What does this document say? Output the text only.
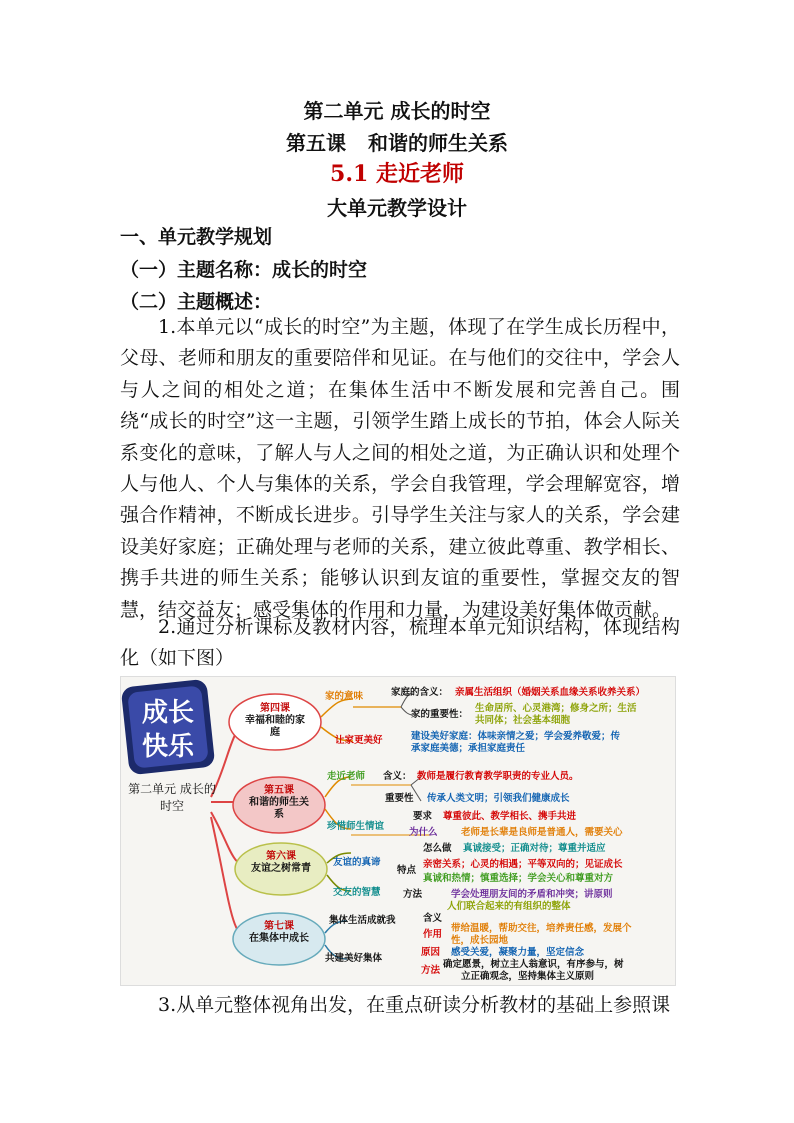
第二单元 成长的时空
第五课 和谐的师生关系
5.1 走近老师
大单元教学设计
一、单元教学规划
（一）主题名称：成长的时空
（二）主题概述：
1.本单元以“成长的时空”为主题，体现了在学生成长历程中，父母、老师和朋友的重要陪伴和见证。在与他们的交往中，学会人与人之间的相处之道；在集体生活中不断发展和完善自己。围绕“成长的时空”这一主题，引领学生踏上成长的节拍，体会人际关系变化的意味，了解人与人之间的相处之道，为正确认识和处理个人与他人、个人与集体的关系，学会自我管理，学会理解宽容，增强合作精神，不断成长进步。引导学生关注与家人的关系，学会建设美好家庭；正确处理与老师的关系，建立彼此尊重、教学相长、携手共进的师生关系；能够认识到友谊的重要性，掌握交友的智慧，结交益友；感受集体的作用和力量，为建设美好集体做贡献。
2.通过分析课标及教材内容，梳理本单元知识结构，体现结构化（如下图）
第二单元 成长的时空
成长
快乐
第四课
幸福和睦的家庭
第五课
和谐的师生关系
第六课
友谊之树常青
第七课
在集体中成长
家的意味	家庭的含义： 亲属生活组织（婚姻关系血缘关系收养关系）
家的重要性：
生命居所、心灵港湾；修身之所；生活
共同体；社会基本细胞
让家更美好	建设美好家庭：体味亲情之爱；学会爱养敬爱；传
承家庭美德；承担家庭责任
走近老师 含义： 教师是履行教育教学职责的专业人员。
重要性 传承人类文明；引领我们健康成长
珍惜师生情谊
要求 尊重彼此、教学相长、携手共进
为什么 老师是长辈是良师是普通人，需要关心
怎么做 真诚接受；正确对待；尊重并适应
友谊的真谛
特点
亲密关系；心灵的相遇；平等双向的；见证成长
真诚和热情；慎重选择；学会关心和尊重对方
交友的智慧 方法	学会处理朋友间的矛盾和冲突；讲原则
集体生活成就我
人们联合起来的有组织的整体
含义
作用
带给温暖，帮助交往，培养责任感，发展个
性，成长园地
共建美好集体
原因 感受关爱，凝聚力量，坚定信念
方法
确定愿景，树立主人翁意识，有序参与，树
立正确观念，坚持集体主义原则
3.从单元整体视角出发，在重点研读分析教材的基础上参照课
